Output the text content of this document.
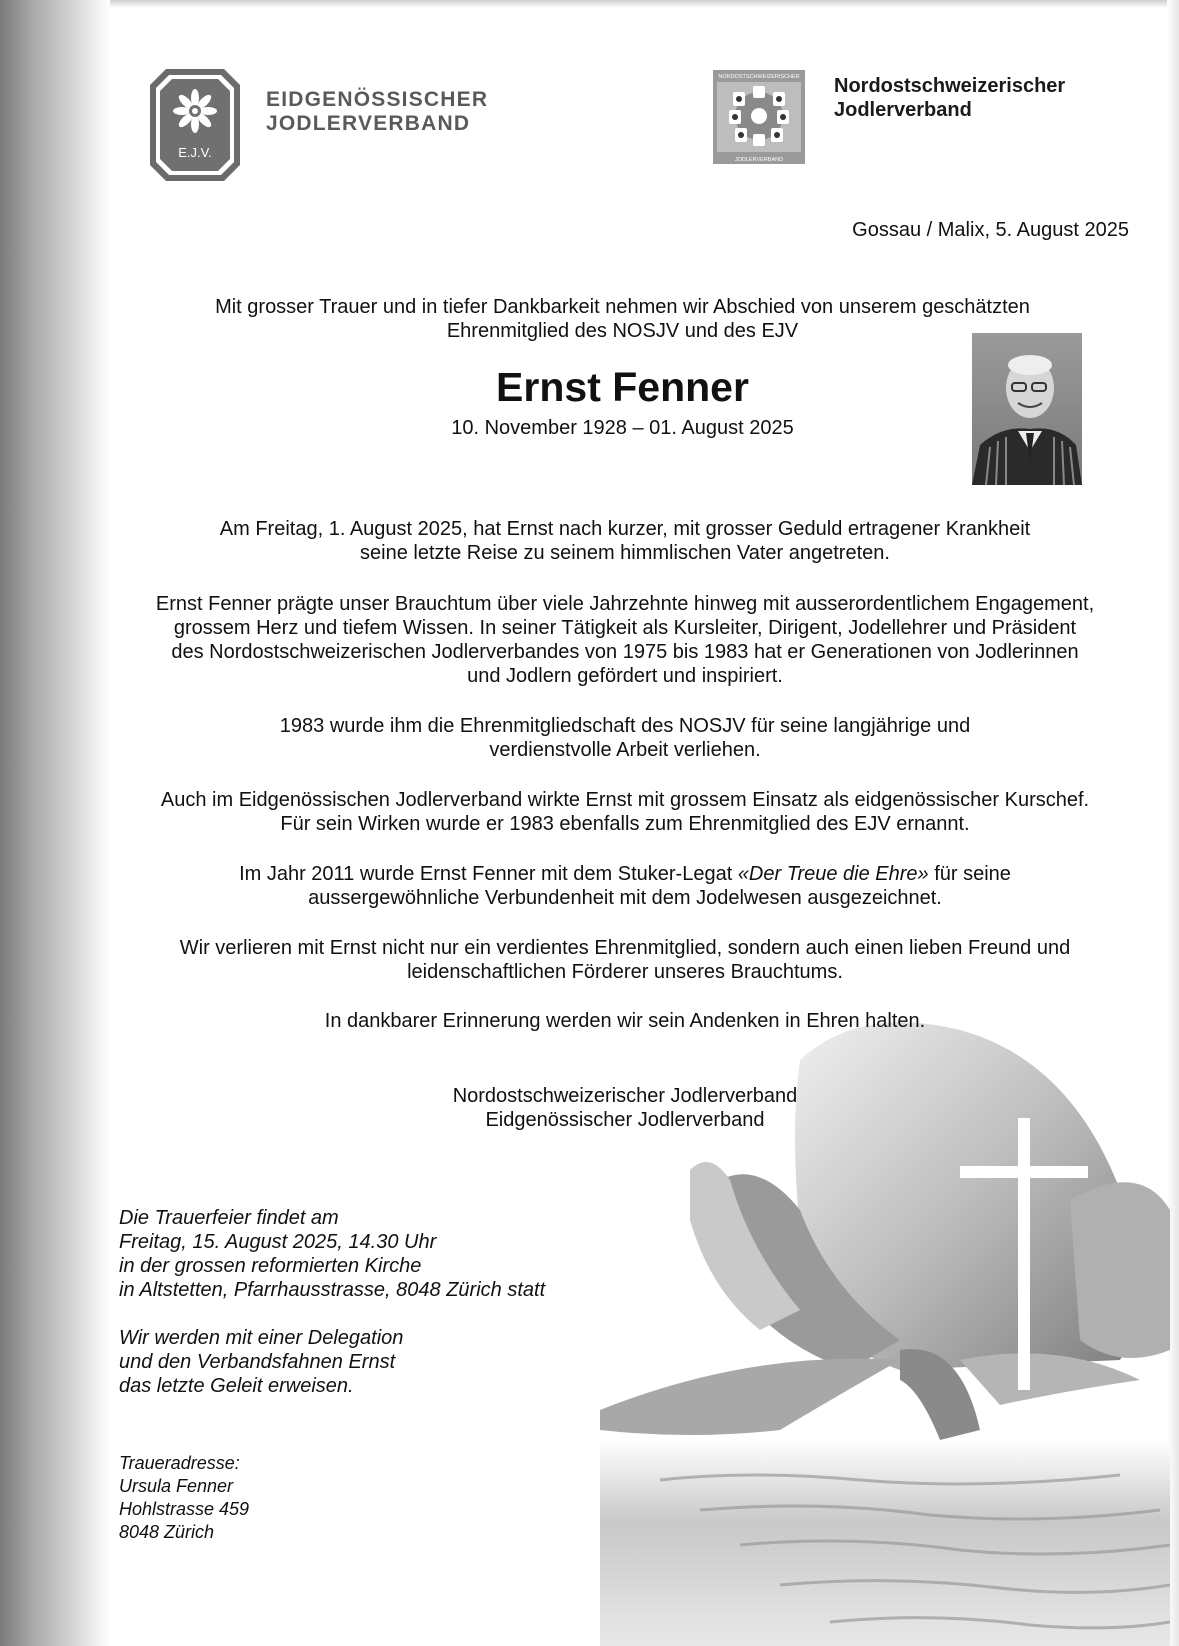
E.J.V.
EIDGENÖSSISCHER
JODLERVERBAND
NORDOSTSCHWEIZERISCHER
JODLERVERBAND
Nordostschweizerischer
Jodlerverband
Gossau / Malix, 5. August 2025
Mit grosser Trauer und in tiefer Dankbarkeit nehmen wir Abschied von unserem geschätzten
Ehrenmitglied des NOSJV und des EJV
Ernst Fenner
10. November 1928 – 01. August 2025
Am Freitag, 1. August 2025, hat Ernst nach kurzer, mit grosser Geduld ertragener Krankheit
seine letzte Reise zu seinem himmlischen Vater angetreten.
Ernst Fenner prägte unser Brauchtum über viele Jahrzehnte hinweg mit ausserordentlichem Engagement,
grossem Herz und tiefem Wissen. In seiner Tätigkeit als Kursleiter, Dirigent, Jodellehrer und Präsident
des Nordostschweizerischen Jodlerverbandes von 1975 bis 1983 hat er Generationen von Jodlerinnen
und Jodlern gefördert und inspiriert.
1983 wurde ihm die Ehrenmitgliedschaft des NOSJV für seine langjährige und
verdienstvolle Arbeit verliehen.
Auch im Eidgenössischen Jodlerverband wirkte Ernst mit grossem Einsatz als eidgenössischer Kurschef.
Für sein Wirken wurde er 1983 ebenfalls zum Ehrenmitglied des EJV ernannt.
Im Jahr 2011 wurde Ernst Fenner mit dem Stuker-Legat «Der Treue die Ehre» für seine
aussergewöhnliche Verbundenheit mit dem Jodelwesen ausgezeichnet.
Wir verlieren mit Ernst nicht nur ein verdientes Ehrenmitglied, sondern auch einen lieben Freund und
leidenschaftlichen Förderer unseres Brauchtums.
In dankbarer Erinnerung werden wir sein Andenken in Ehren halten.
Nordostschweizerischer Jodlerverband
Eidgenössischer Jodlerverband
Die Trauerfeier findet am
Freitag, 15. August 2025, 14.30 Uhr
in der grossen reformierten Kirche
in Altstetten, Pfarrhausstrasse, 8048 Zürich statt
Wir werden mit einer Delegation
und den Verbandsfahnen Ernst
das letzte Geleit erweisen.
Traueradresse:
Ursula Fenner
Hohlstrasse 459
8048 Zürich
